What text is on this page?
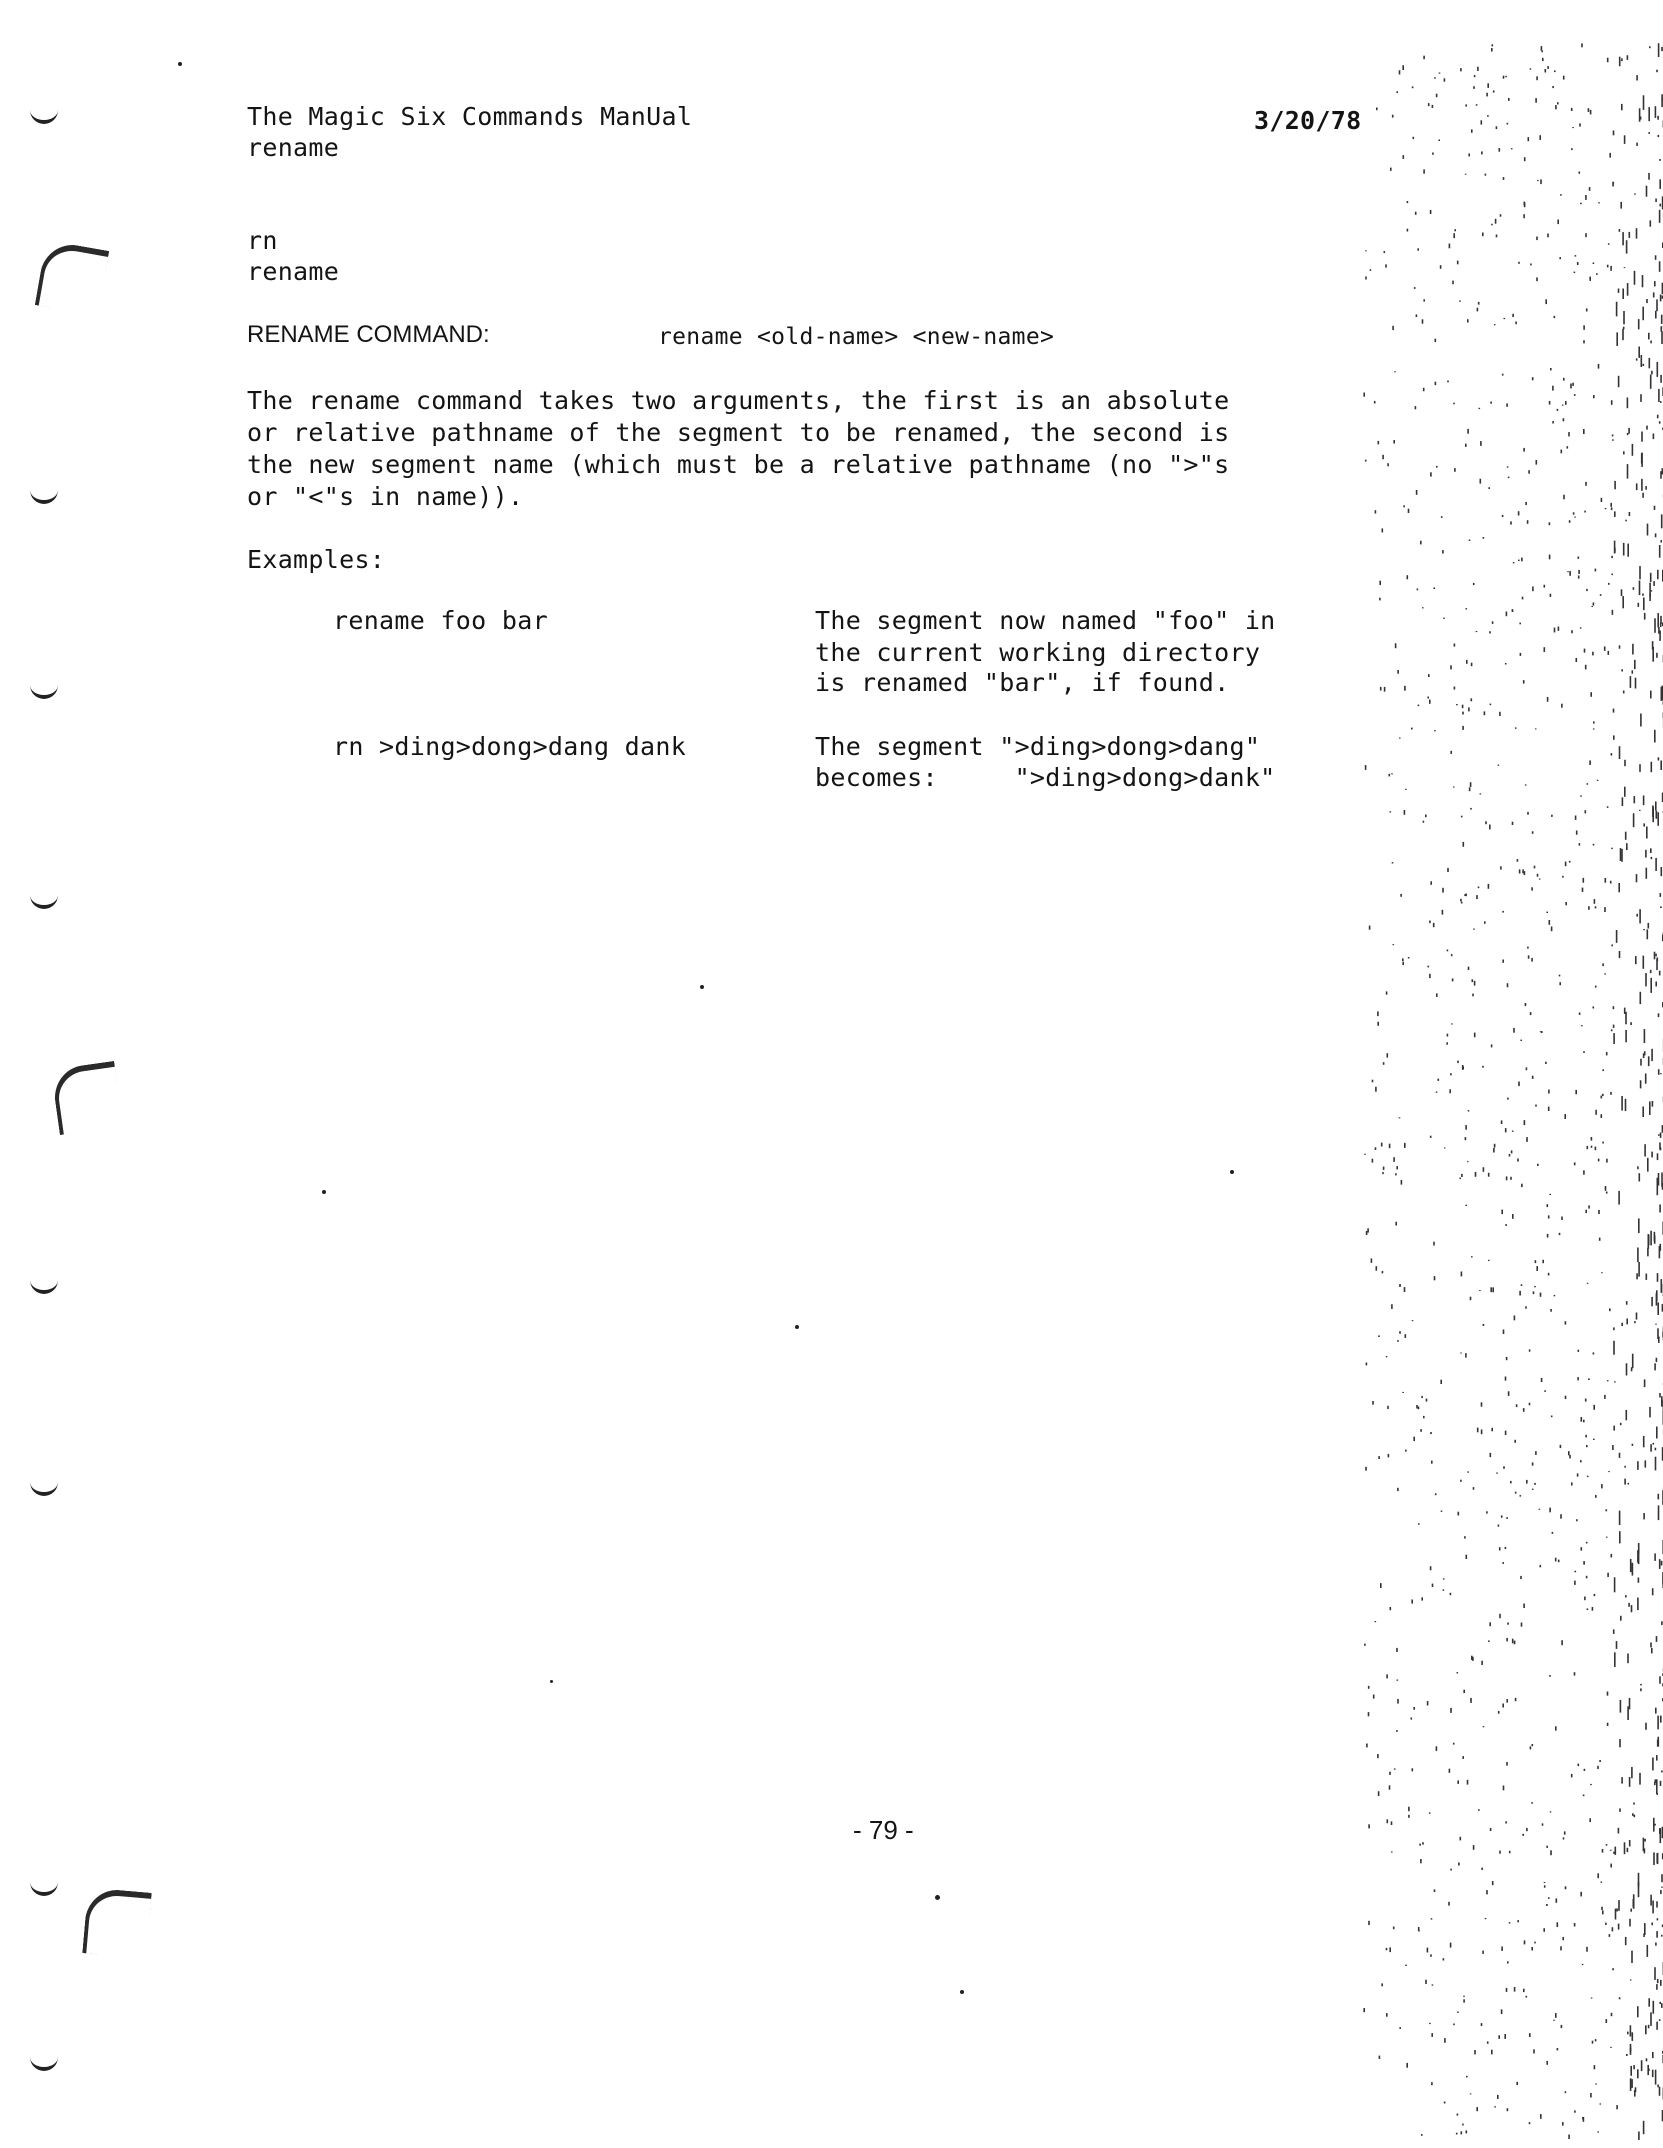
The Magic Six Commands ManUal
rename
3/20/78
rn
rename
RENAME COMMAND:	rename <old-name> <new-name>
The rename command takes two arguments, the first is an absolute
or relative pathname of the segment to be renamed, the second is
the new segment name (which must be a relative pathname (no ">"s
or "<"s in name)).
Examples:
rename foo bar	The segment now named "foo" in
the current working directory
is renamed "bar", if found.
rn >ding>dong>dang dank	The segment ">ding>dong>dang"
becomes:     ">ding>dong>dank"
- 79 -
